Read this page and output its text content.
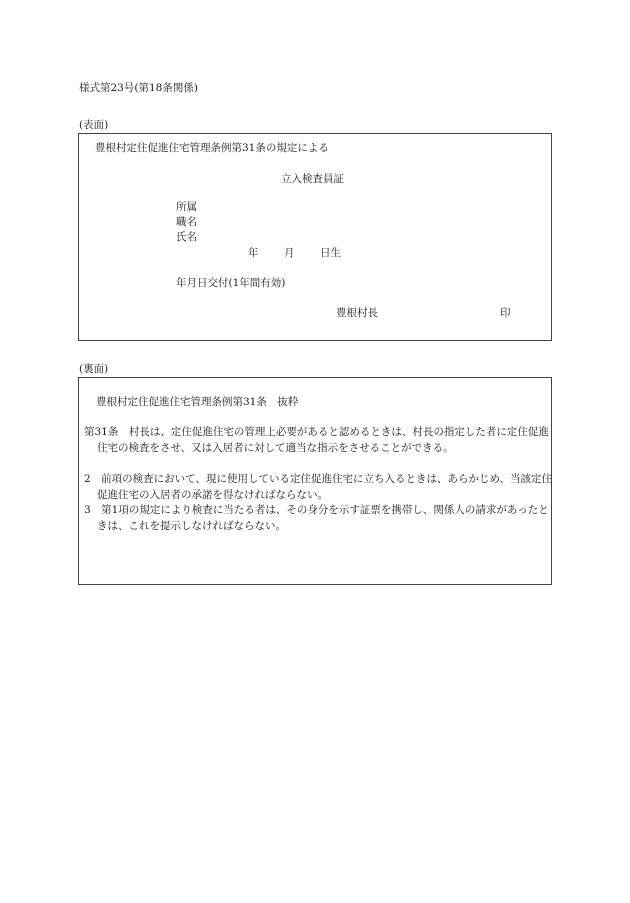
様式第23号(第18条関係)
(表面)
豊根村定住促進住宅管理条例第31条の規定による
立入検査員証
所属
職名
氏名
年 月 日生
年月日交付(1年間有効)
豊根村長	印
(裏面)
豊根村定住促進住宅管理条例第31条　抜粋
第31条　村長は、定住促進住宅の管理上必要があると認めるときは、村長の指定した者に定住促進住宅の検査をさせ、又は入居者に対して適当な指示をさせることができる。
2　前項の検査において、現に使用している定住促進住宅に立ち入るときは、あらかじめ、当該定住促進住宅の入居者の承諾を得なければならない。
3　第1項の規定により検査に当たる者は、その身分を示す証票を携帯し、関係人の請求があったときは、これを提示しなければならない。
